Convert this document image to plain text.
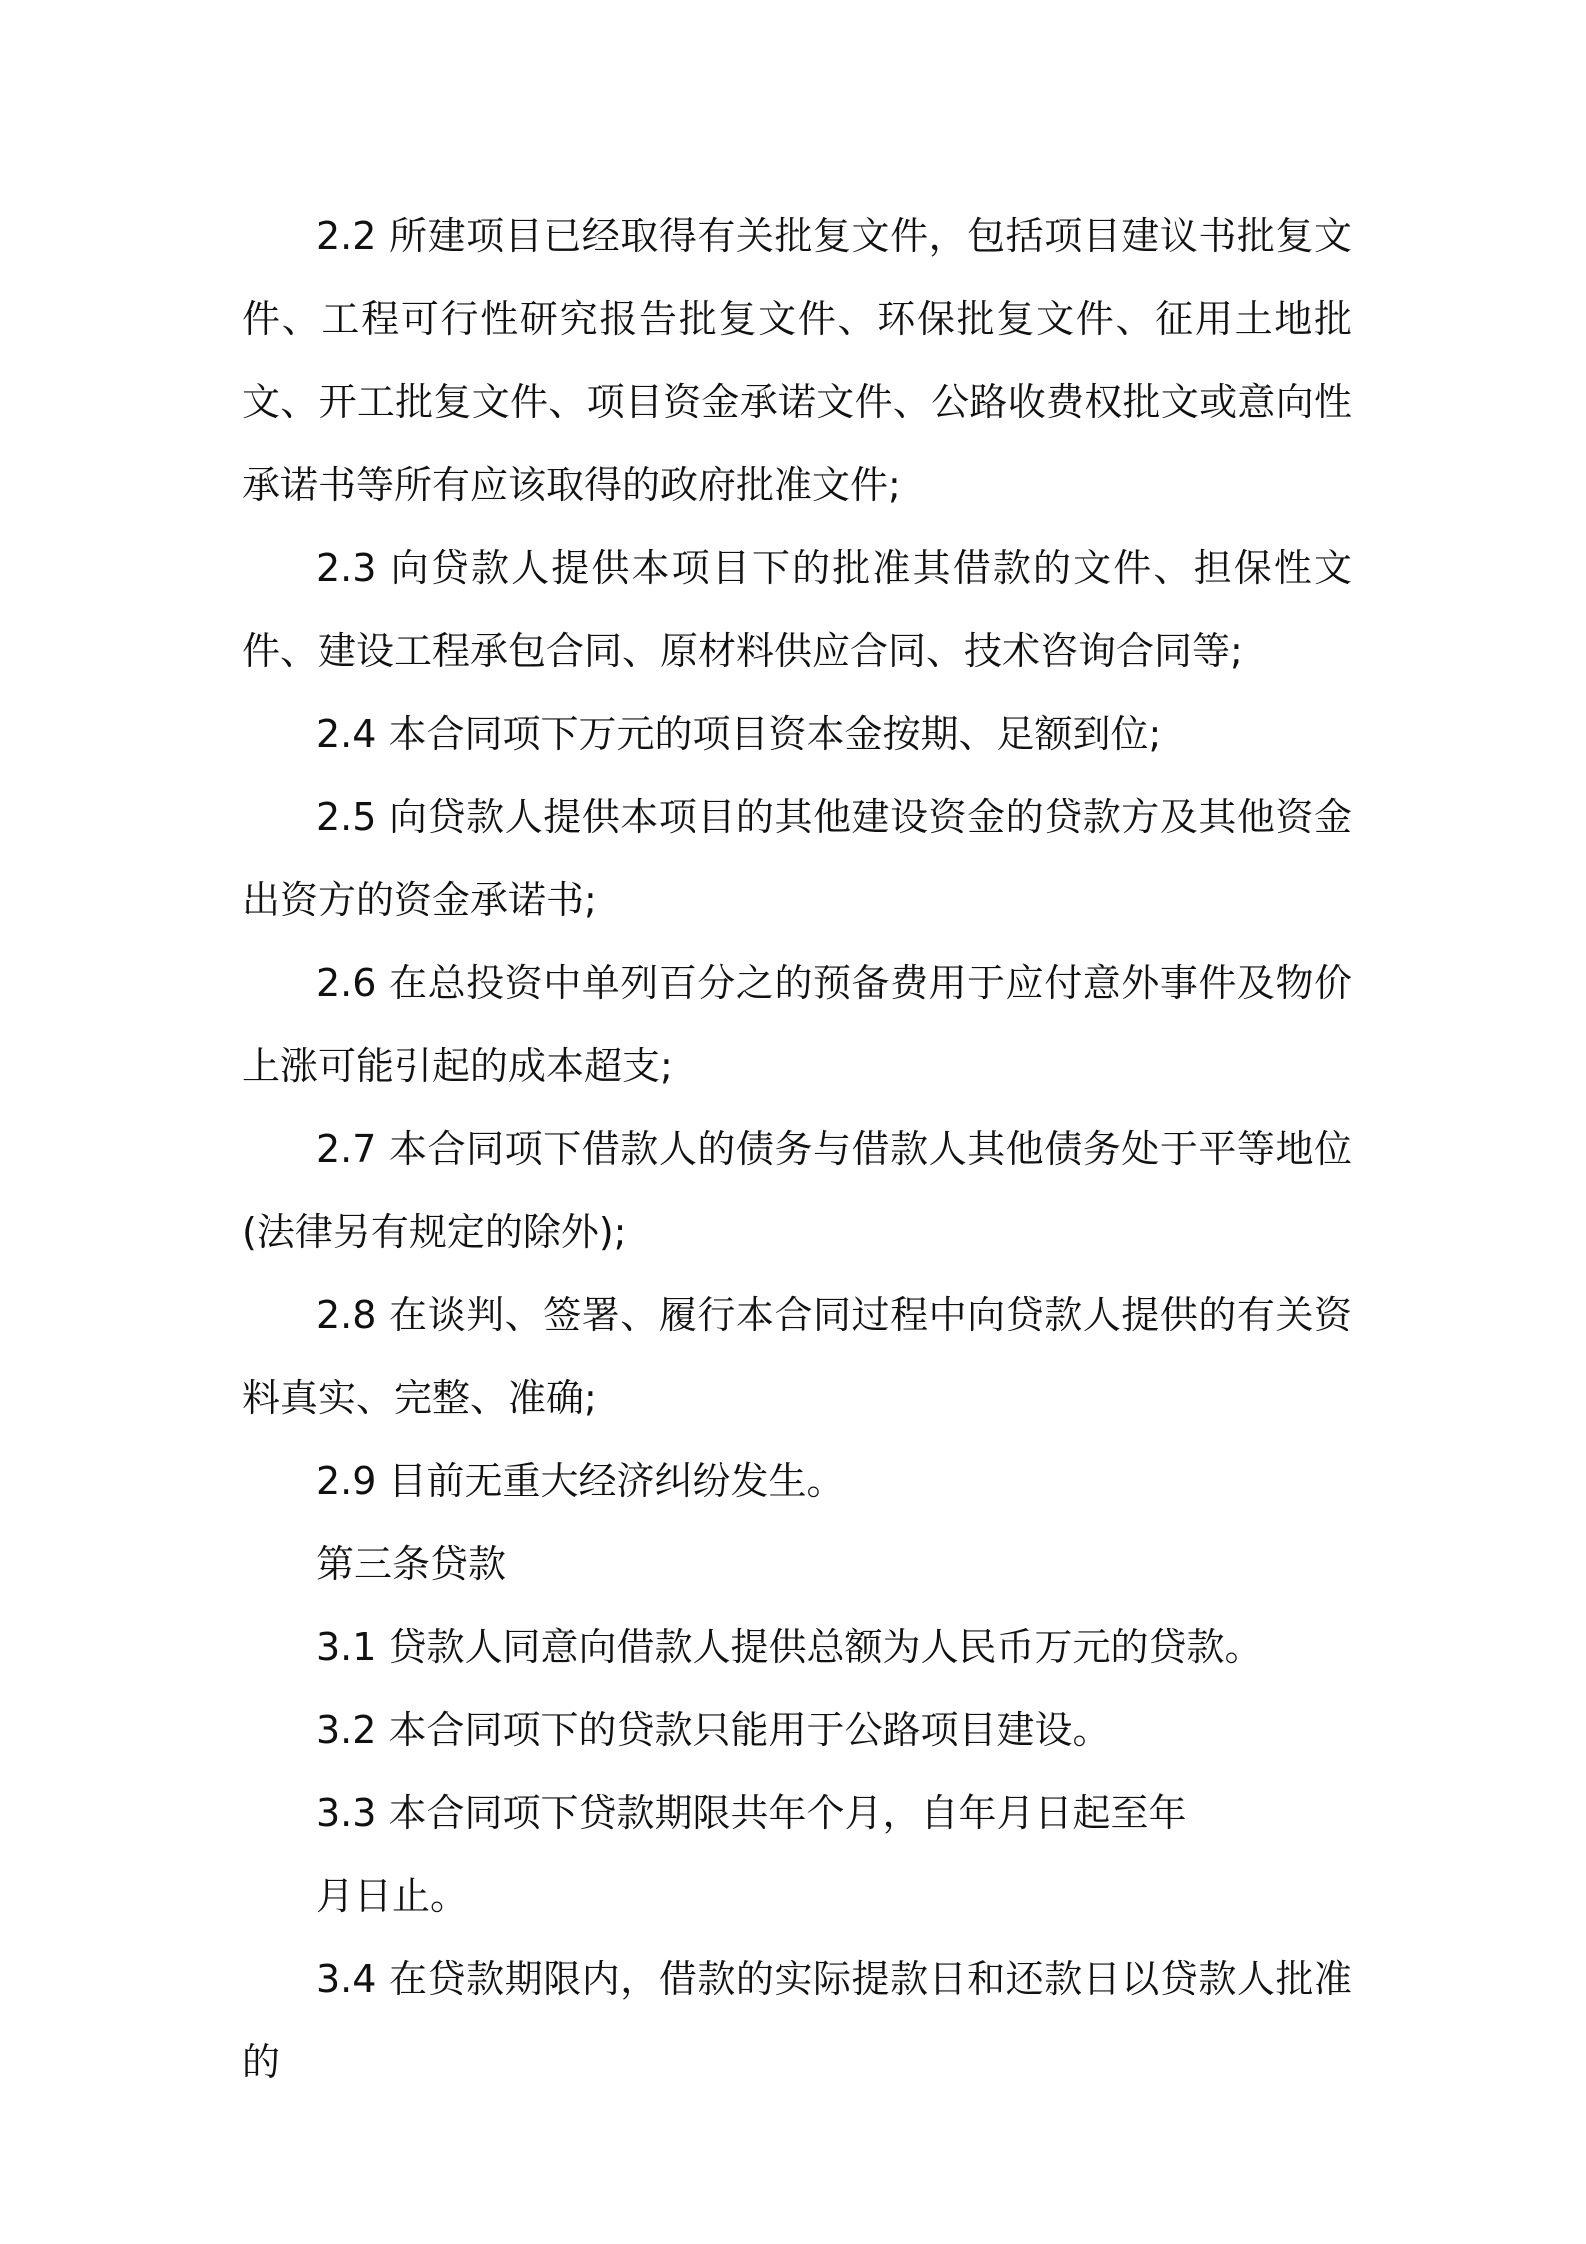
2.2 所建项目已经取得有关批复文件，包括项目建议书批复文件、工程可行性研究报告批复文件、环保批复文件、征用土地批文、开工批复文件、项目资金承诺文件、公路收费权批文或意向性承诺书等所有应该取得的政府批准文件;

2.3 向贷款人提供本项目下的批准其借款的文件、担保性文件、建设工程承包合同、原材料供应合同、技术咨询合同等;

2.4 本合同项下万元的项目资本金按期、足额到位;

2.5 向贷款人提供本项目的其他建设资金的贷款方及其他资金出资方的资金承诺书;

2.6 在总投资中单列百分之的预备费用于应付意外事件及物价上涨可能引起的成本超支;

2.7 本合同项下借款人的债务与借款人其他债务处于平等地位(法律另有规定的除外);

2.8 在谈判、签署、履行本合同过程中向贷款人提供的有关资料真实、完整、准确;

2.9 目前无重大经济纠纷发生。

第三条贷款

3.1 贷款人同意向借款人提供总额为人民币万元的贷款。

3.2 本合同项下的贷款只能用于公路项目建设。

3.3 本合同项下贷款期限共年个月，自年月日起至年

月日止。

3.4 在贷款期限内，借款的实际提款日和还款日以贷款人批准的
